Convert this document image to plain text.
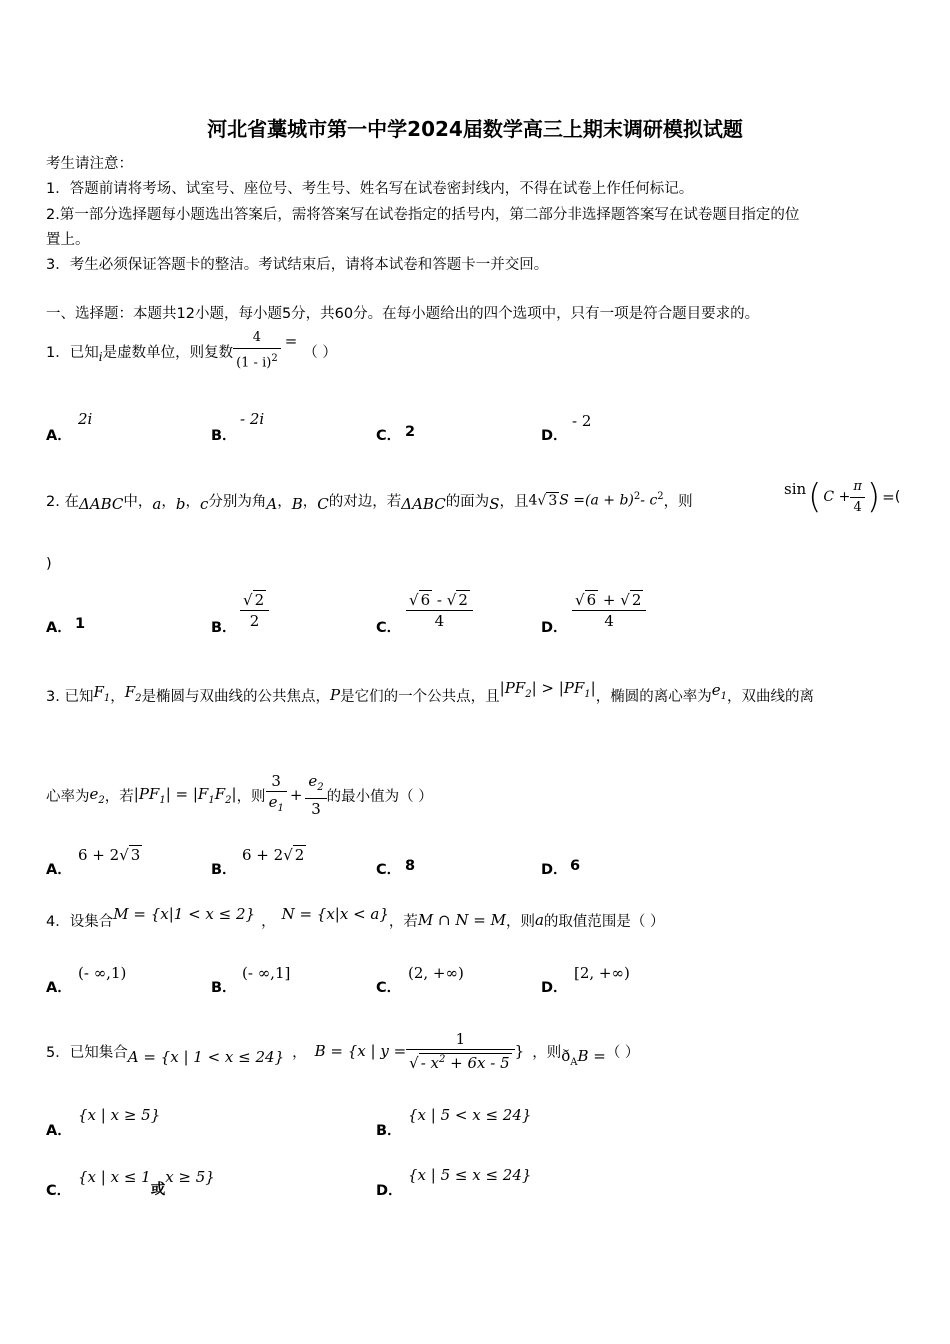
河北省藁城市第一中学2024届数学高三上期末调研模拟试题
考生请注意：
1．答题前请将考场、试室号、座位号、考生号、姓名写在试卷密封线内，不得在试卷上作任何标记。
2.第一部分选择题每小题选出答案后，需将答案写在试卷指定的括号内，第二部分非选择题答案写在试卷题目指定的位
置上。
3．考生必须保证答题卡的整洁。考试结束后，请将本试卷和答题卡一并交回。
一、选择题：本题共12小题，每小题5分，共60分。在每小题给出的四个选项中，只有一项是符合题目要求的。
1．已知 i 是虚数单位，则复数 $\frac{4}{(1 - i)^2}$ =
（ ）
A．
2i
B．
- 2i
C． 2	D．
- 2
2. 在 ΔABC 中， a ， b ， c 分别为角 A ， B ， C 的对边，若 ΔABC 的面为 S ，且 4√ 3 $S =(a + b)^2-$ $c^2$ ，则
sin ( $C + \frac{\pi}{4}$ ) = (
)
A． 1	B． $\frac{√ 2}{2}$	C． $\frac{√ 6 - √ 2}{4}$	D． $\frac{√ 6 + √ 2}{4}$
3. 已知 $F_1$ ， $F_2$ 是椭圆与双曲线的公共焦点， P 是它们的一个公共点，且 $|PF_2| > |PF_1|$ ，椭圆的离心率为 $e_1$ ，双曲线的离
心率为 $e_2$ ，若 $|PF_1| = |F_1F_2|$ ，则 $\frac{3}{e_1} + \frac{e_2}{3}$ 的最小值为（ ）
A．
6 + 2√ 3
B．
6 + 2√ 2
C． 8	D． 6
4．设集合 M = {x|1 < x ≤ 2} ， N = {x|x < a} ，若 M ∩ N = M ，则 a 的取值范围是（ ）
A．
(- ∞,1)
B．
(- ∞,1]
C．
(2, +∞)
D．
[2, +∞)
5．已知集合 A = {x | 1 < x ≤ 24} ， B = {x | $y = \frac{1}{√ - x^2 + 6x - 5}$ } ，则 $ð_AB$ = （ ）
A．
{x | x ≥ 5}
B．
{x | 5 < x ≤ 24}
C．
{x | x ≤ 1或x ≥ 5}
D．
{x | 5 ≤ x ≤ 24}
